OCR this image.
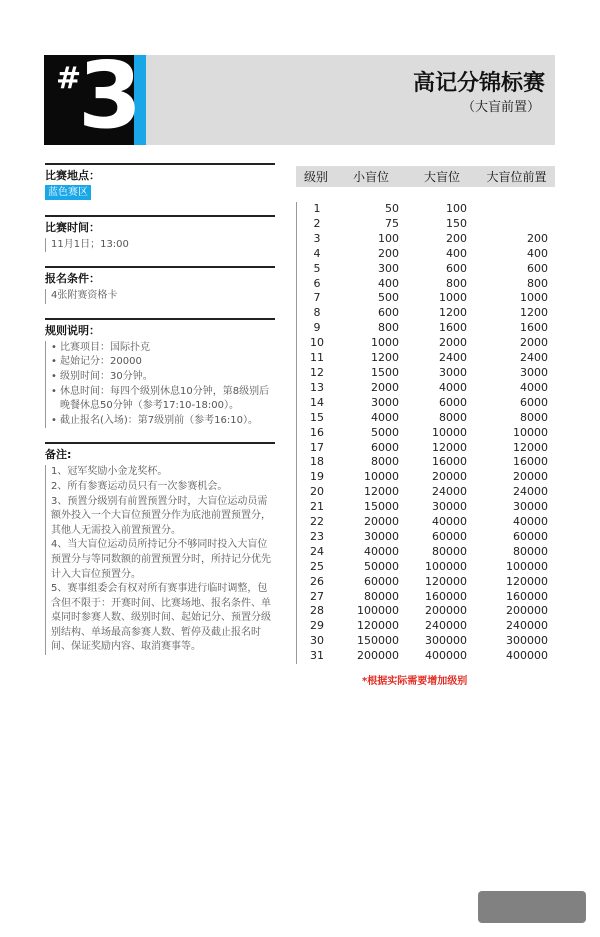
#
3	高记分锦标赛
（大盲前置）
比赛地点：
蓝色赛区
比赛时间：
11月1日；13:00
报名条件：
4张附赛资格卡
规则说明：
• 比赛项目：国际扑克
• 起始记分：20000
• 级别时间：30分钟。
• 休息时间：每四个级别休息10分钟，第8级别后晚餐休息50分钟（参考17:10-18:00）。
• 截止报名(入场)：第7级别前（参考16:10）。
备注:
1、冠军奖励小金龙奖杯。
2、所有参赛运动员只有一次参赛机会。
3、预置分级别有前置预置分时，大盲位运动员需额外投入一个大盲位预置分作为底池前置预置分，其他人无需投入前置预置分。
4、当大盲位运动员所持记分不够同时投入大盲位预置分与等同数额的前置预置分时，所持记分优先计入大盲位预置分。
5、赛事组委会有权对所有赛事进行临时调整，包含但不限于：开赛时间、比赛场地、报名条件、单桌同时参赛人数、级别时间、起始记分、预置分级别结构、单场最高参赛人数、暂停及截止报名时间、保证奖励内容、取消赛事等。
级别	小盲位	大盲位	大盲位前置
1	50	100
2	75	150
3	100	200	200
4	200	400	400
5	300	600	600
6	400	800	800
7	500	1000	1000
8	600	1200	1200
9	800	1600	1600
10	1000	2000	2000
11	1200	2400	2400
12	1500	3000	3000
13	2000	4000	4000
14	3000	6000	6000
15	4000	8000	8000
16	5000	10000	10000
17	6000	12000	12000
18	8000	16000	16000
19	10000	20000	20000
20	12000	24000	24000
21	15000	30000	30000
22	20000	40000	40000
23	30000	60000	60000
24	40000	80000	80000
25	50000	100000	100000
26	60000	120000	120000
27	80000	160000	160000
28	100000	200000	200000
29	120000	240000	240000
30	150000	300000	300000
31	200000	400000	400000
*根据实际需要增加级别
